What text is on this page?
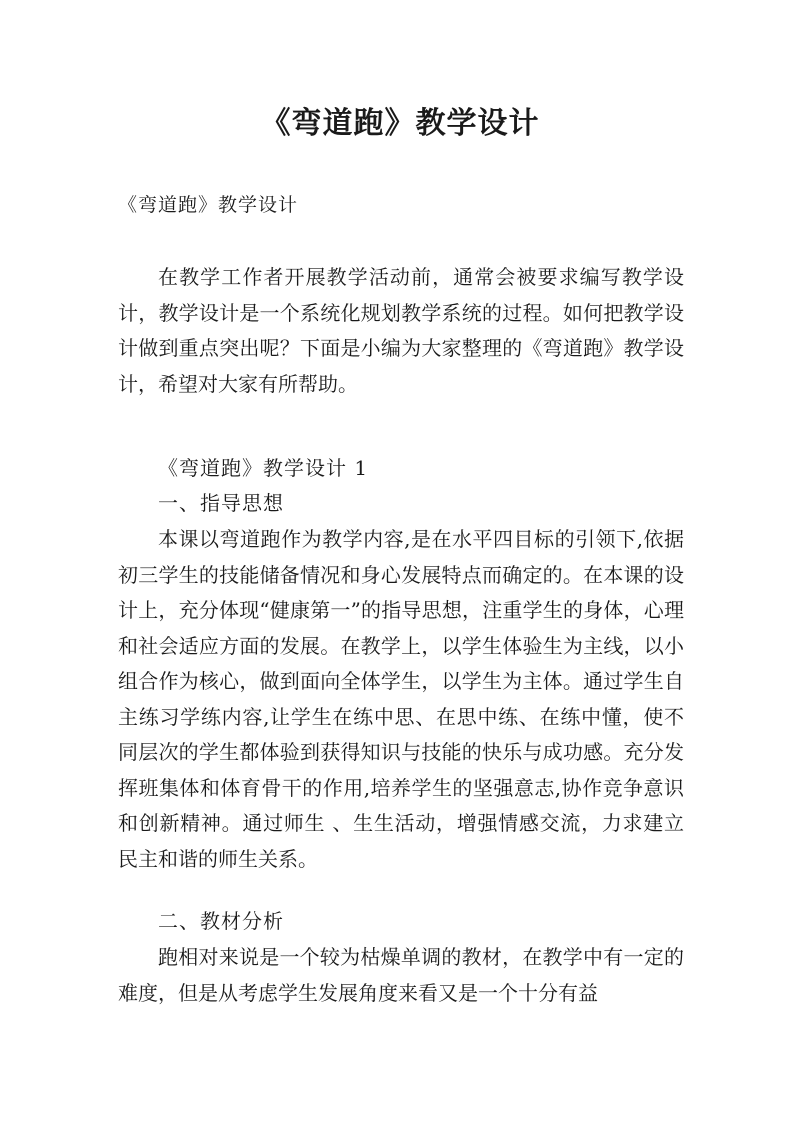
《弯道跑》教学设计

《弯道跑》教学设计

在教学工作者开展教学活动前，通常会被要求编写教学设计，教学设计是一个系统化规划教学系统的过程。如何把教学设计做到重点突出呢？下面是小编为大家整理的《弯道跑》教学设计，希望对大家有所帮助。

《弯道跑》教学设计 1

一、指导思想

本课以弯道跑作为教学内容,是在水平四目标的引领下,依据初三学生的技能储备情况和身心发展特点而确定的。在本课的设计上，充分体现“健康第一”的指导思想，注重学生的身体，心理和社会适应方面的发展。在教学上，以学生体验生为主线，以小组合作为核心，做到面向全体学生，以学生为主体。通过学生自主练习学练内容,让学生在练中思、在思中练、在练中懂，使不同层次的学生都体验到获得知识与技能的快乐与成功感。充分发挥班集体和体育骨干的作用,培养学生的坚强意志,协作竞争意识和创新精神。通过师生 、生生活动，增强情感交流，力求建立民主和谐的师生关系。

二、教材分析

跑相对来说是一个较为枯燥单调的教材，在教学中有一定的难度，但是从考虑学生发展角度来看又是一个十分有益
